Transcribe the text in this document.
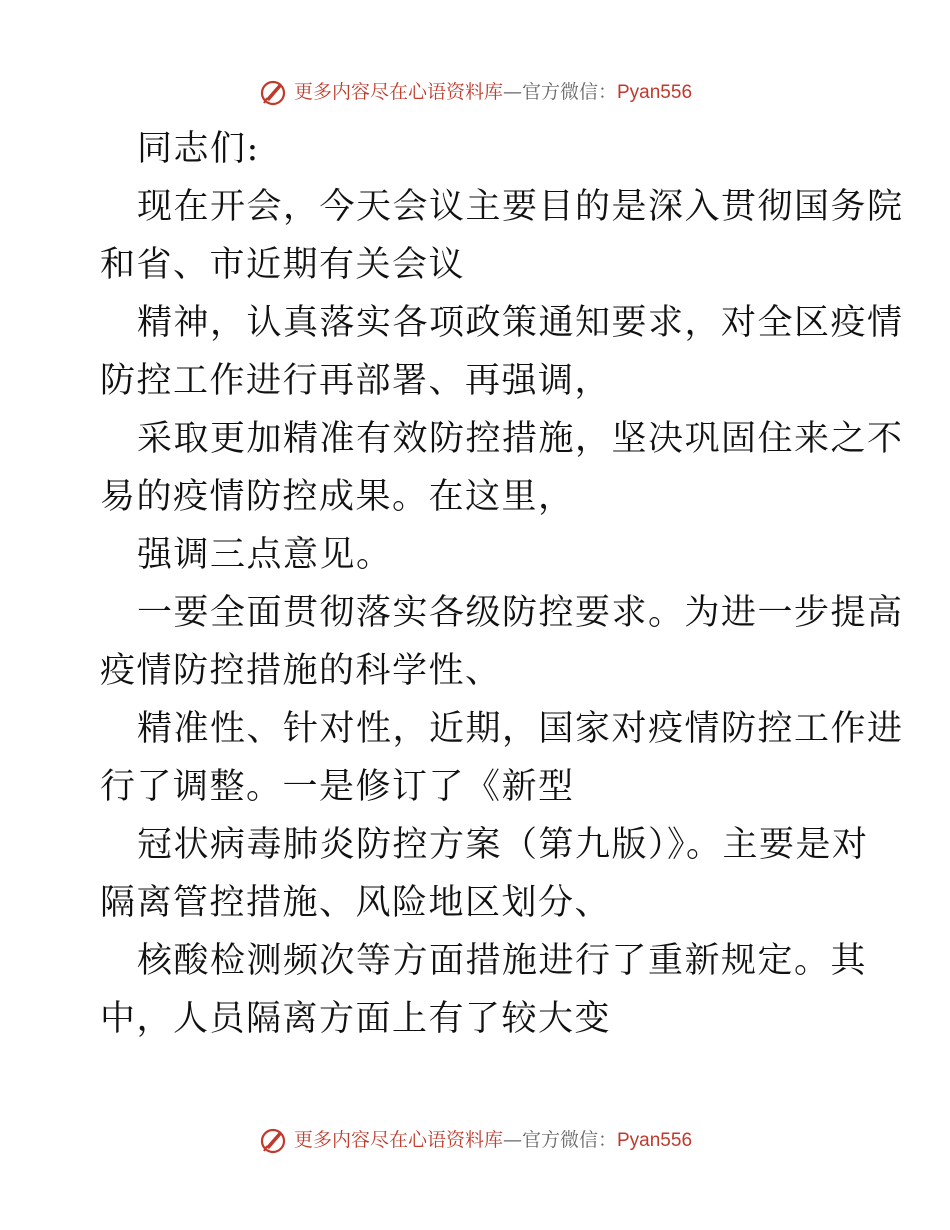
更多内容尽在心语资料库—官方微信：Pyan556
同志们:
现在开会，今天会议主要目的是深入贯彻国务院
和省、市近期有关会议
精神，认真落实各项政策通知要求，对全区疫情
防控工作进行再部署、再强调，
采取更加精准有效防控措施，坚决巩固住来之不
易的疫情防控成果。在这里，
强调三点意见。
一要全面贯彻落实各级防控要求。为进一步提高
疫情防控措施的科学性、
精准性、针对性，近期，国家对疫情防控工作进
行了调整。一是修订了《新型
冠状病毒肺炎防控方案（第九版）》。主要是对
隔离管控措施、风险地区划分、
核酸检测频次等方面措施进行了重新规定。其
中，人员隔离方面上有了较大变
更多内容尽在心语资料库—官方微信：Pyan556
